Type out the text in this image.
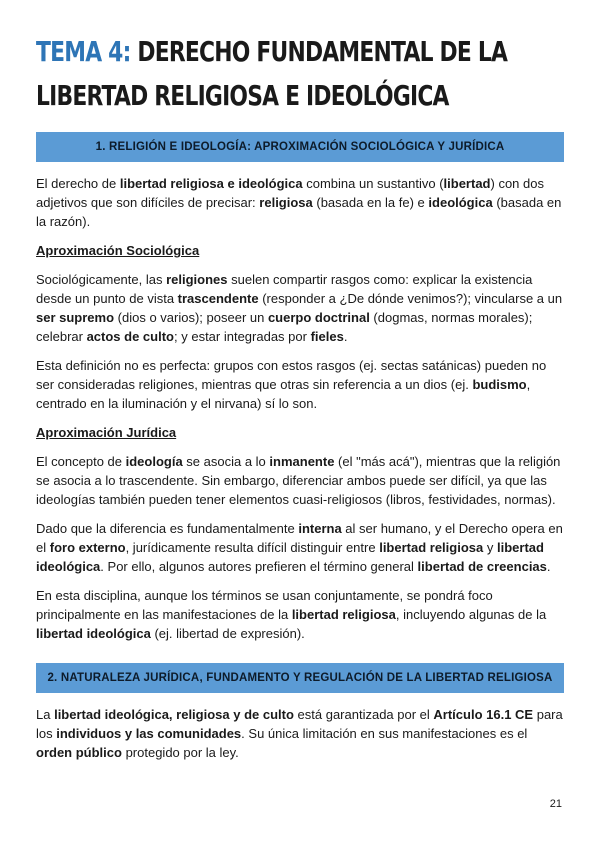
TEMA 4: DERECHO FUNDAMENTAL DE LA LIBERTAD RELIGIOSA E IDEOLÓGICA
1. RELIGIÓN E IDEOLOGÍA: APROXIMACIÓN SOCIOLÓGICA Y JURÍDICA

El derecho de libertad religiosa e ideológica combina un sustantivo (libertad) con dos adjetivos que son difíciles de precisar: religiosa (basada en la fe) e ideológica (basada en la razón).

Aproximación Sociológica

Sociológicamente, las religiones suelen compartir rasgos como: explicar la existencia desde un punto de vista trascendente (responder a ¿De dónde venimos?); vincularse a un ser supremo (dios o varios); poseer un cuerpo doctrinal (dogmas, normas morales); celebrar actos de culto; y estar integradas por fieles.

Esta definición no es perfecta: grupos con estos rasgos (ej. sectas satánicas) pueden no ser consideradas religiones, mientras que otras sin referencia a un dios (ej. budismo, centrado en la iluminación y el nirvana) sí lo son.

Aproximación Jurídica

El concepto de ideología se asocia a lo inmanente (el "más acá"), mientras que la religión se asocia a lo trascendente. Sin embargo, diferenciar ambos puede ser difícil, ya que las ideologías también pueden tener elementos cuasi-religiosos (libros, festividades, normas).

Dado que la diferencia es fundamentalmente interna al ser humano, y el Derecho opera en el foro externo, jurídicamente resulta difícil distinguir entre libertad religiosa y libertad ideológica. Por ello, algunos autores prefieren el término general libertad de creencias.

En esta disciplina, aunque los términos se usan conjuntamente, se pondrá foco principalmente en las manifestaciones de la libertad religiosa, incluyendo algunas de la libertad ideológica (ej. libertad de expresión).

2. NATURALEZA JURÍDICA, FUNDAMENTO Y REGULACIÓN DE LA LIBERTAD RELIGIOSA

La libertad ideológica, religiosa y de culto está garantizada por el Artículo 16.1 CE para los individuos y las comunidades. Su única limitación en sus manifestaciones es el orden público protegido por la ley.

21
